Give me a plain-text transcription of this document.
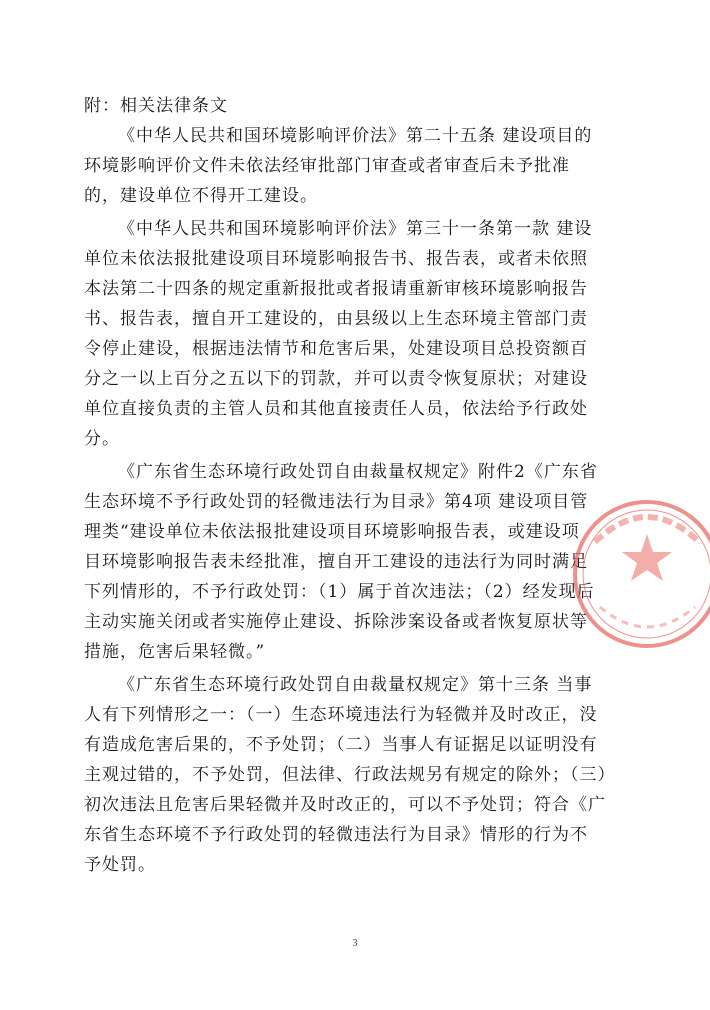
附：相关法律条文

《中华人民共和国环境影响评价法》第二十五条 建设项目的
环境影响评价文件未依法经审批部门审查或者审查后未予批准
的，建设单位不得开工建设。

《中华人民共和国环境影响评价法》第三十一条第一款 建设
单位未依法报批建设项目环境影响报告书、报告表，或者未依照
本法第二十四条的规定重新报批或者报请重新审核环境影响报告
书、报告表，擅自开工建设的，由县级以上生态环境主管部门责
令停止建设，根据违法情节和危害后果，处建设项目总投资额百
分之一以上百分之五以下的罚款，并可以责令恢复原状；对建设
单位直接负责的主管人员和其他直接责任人员，依法给予行政处
分。

《广东省生态环境行政处罚自由裁量权规定》附件2《广东省
生态环境不予行政处罚的轻微违法行为目录》第4项 建设项目管
理类“建设单位未依法报批建设项目环境影响报告表，或建设项
目环境影响报告表未经批准，擅自开工建设的违法行为同时满足
下列情形的，不予行政处罚：（1）属于首次违法；（2）经发现后
主动实施关闭或者实施停止建设、拆除涉案设备或者恢复原状等
措施，危害后果轻微。”

《广东省生态环境行政处罚自由裁量权规定》第十三条 当事
人有下列情形之一：（一）生态环境违法行为轻微并及时改正，没
有造成危害后果的，不予处罚；（二）当事人有证据足以证明没有
主观过错的，不予处罚，但法律、行政法规另有规定的除外；（三）
初次违法且危害后果轻微并及时改正的，可以不予处罚；符合《广
东省生态环境不予行政处罚的轻微违法行为目录》情形的行为不
予处罚。

3
